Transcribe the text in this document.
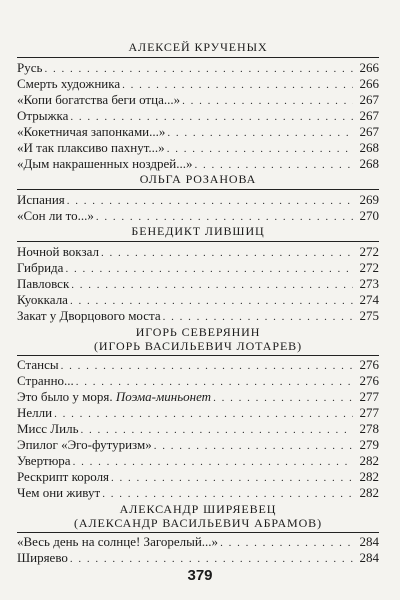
АЛЕКСЕЙ КРУЧЕНЫХ
Русь . . .	266
Смерть художника . . .	266
«Копи богатства беги отца...» . . .	267
Отрыжка . . .	267
«Кокетничая запонками...» . . .	267
«И так плаксиво пахнут...» . . .	268
«Дым накрашенных ноздрей...» . . .	268
ОЛЬГА РОЗАНОВА
Испания . . .	269
«Сон ли то...» . . .	270
БЕНЕДИКТ ЛИВШИЦ
Ночной вокзал . . .	272
Гибрида . . .	272
Павловск . . .	273
Куоккала . . .	274
Закат у Дворцового моста . . .	275
ИГОРЬ СЕВЕРЯНИН
(ИГОРЬ ВАСИЛЬЕВИЧ ЛОТАРЕВ)
Стансы . . .	276
Странно... . . .	276
Это было у моря. Поэма-миньонет . . .	277
Нелли . . .	277
Мисс Лиль . . .	278
Эпилог «Эго-футуризм» . . .	279
Увертюра . . .	282
Рескрипт короля . . .	282
Чем они живут . . .	282
АЛЕКСАНДР ШИРЯЕВЕЦ
(АЛЕКСАНДР ВАСИЛЬЕВИЧ АБРАМОВ)
«Весь день на солнце! Загорелый...» . . .	284
Ширяево . . .	284
379
